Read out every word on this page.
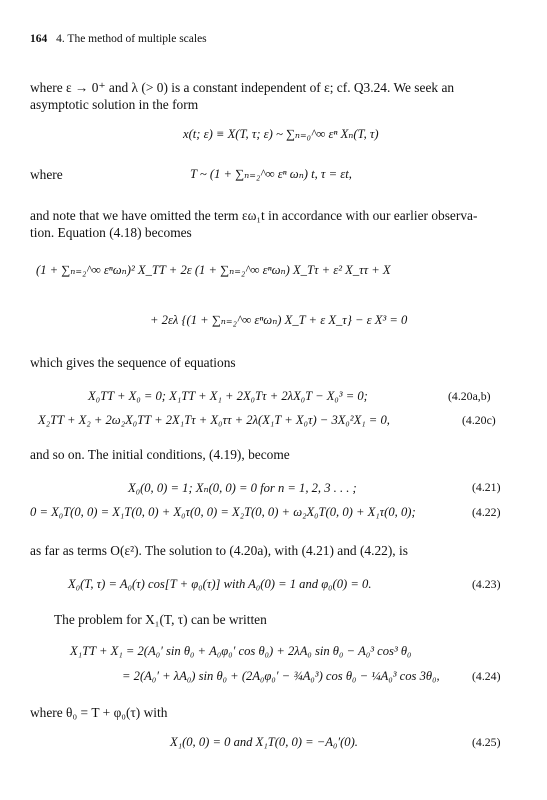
164 4. The method of multiple scales
where ε → 0⁺ and λ (> 0) is a constant independent of ε; cf. Q3.24. We seek an
asymptotic solution in the form
x(t; ε) ≡ X(T, τ; ε) ~ ∑ₙ₌₀^∞ εⁿ Xₙ(T, τ)
where	T ~ (1 + ∑ₙ₌₂^∞ εⁿ ωₙ) t, τ = εt,
and note that we have omitted the term εω₁t in accordance with our earlier observa-
tion. Equation (4.18) becomes
(1 + ∑ₙ₌₂^∞ εⁿωₙ)² X_TT + 2ε (1 + ∑ₙ₌₂^∞ εⁿωₙ) X_Tτ + ε² X_ττ + X
+ 2ελ {(1 + ∑ₙ₌₂^∞ εⁿωₙ) X_T + ε X_τ} − ε X³ = 0
which gives the sequence of equations
X₀TT + X₀ = 0; X₁TT + X₁ + 2X₀Tτ + 2λX₀T − X₀³ = 0;	(4.20a,b)
X₂TT + X₂ + 2ω₂X₀TT + 2X₁Tτ + X₀ττ + 2λ(X₁T + X₀τ) − 3X₀²X₁ = 0,	(4.20c)
and so on. The initial conditions, (4.19), become
X₀(0, 0) = 1; Xₙ(0, 0) = 0 for n = 1, 2, 3 . . . ;	(4.21)
0 = X₀T(0, 0) = X₁T(0, 0) + X₀τ(0, 0) = X₂T(0, 0) + ω₂X₀T(0, 0) + X₁τ(0, 0);	(4.22)
as far as terms O(ε²). The solution to (4.20a), with (4.21) and (4.22), is
X₀(T, τ) = A₀(τ) cos[T + φ₀(τ)] with A₀(0) = 1 and φ₀(0) = 0.	(4.23)
The problem for X₁(T, τ) can be written
X₁TT + X₁ = 2(A₀′ sin θ₀ + A₀φ₀′ cos θ₀) + 2λA₀ sin θ₀ − A₀³ cos³ θ₀
= 2(A₀′ + λA₀) sin θ₀ + (2A₀φ₀′ − ¾A₀³) cos θ₀ − ¼A₀³ cos 3θ₀,	(4.24)
where θ₀ = T + φ₀(τ) with
X₁(0, 0) = 0 and X₁T(0, 0) = −A₀′(0).	(4.25)
